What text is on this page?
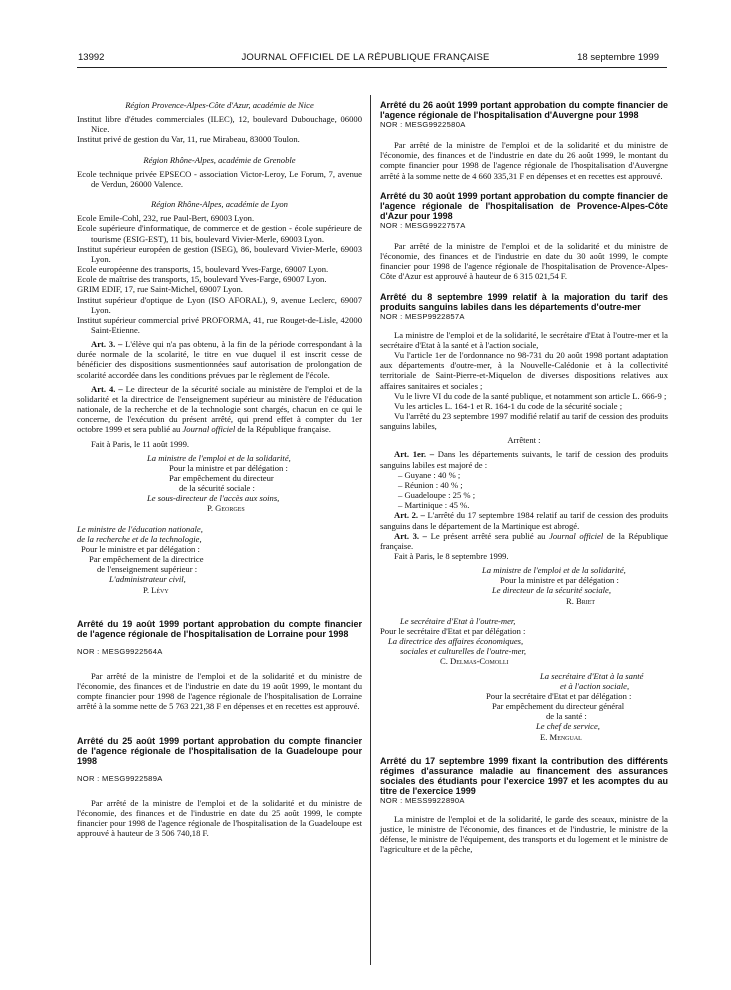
13992	JOURNAL OFFICIEL DE LA RÉPUBLIQUE FRANÇAISE	18 septembre 1999

Région Provence-Alpes-Côte d'Azur, académie de Nice

Institut libre d'études commerciales (ILEC), 12, boulevard Dubouchage, 06000 Nice.

Institut privé de gestion du Var, 11, rue Mirabeau, 83000 Toulon.

Région Rhône-Alpes, académie de Grenoble

Ecole technique privée EPSECO - association Victor-Leroy, Le Forum, 7, avenue de Verdun, 26000 Valence.

Région Rhône-Alpes, académie de Lyon

Ecole Emile-Cohl, 232, rue Paul-Bert, 69003 Lyon.

Ecole supérieure d'informatique, de commerce et de gestion - école supérieure de tourisme (ESIG-EST), 11 bis, boulevard Vivier-Merle, 69003 Lyon.

Institut supérieur européen de gestion (ISEG), 86, boulevard Vivier-Merle, 69003 Lyon.

Ecole européenne des transports, 15, boulevard Yves-Farge, 69007 Lyon.

Ecole de maîtrise des transports, 15, boulevard Yves-Farge, 69007 Lyon.

GRIM EDIF, 17, rue Saint-Michel, 69007 Lyon.

Institut supérieur d'optique de Lyon (ISO AFORAL), 9, avenue Leclerc, 69007 Lyon.

Institut supérieur commercial privé PROFORMA, 41, rue Rouget-de-Lisle, 42000 Saint-Etienne.

Art. 3. – L'élève qui n'a pas obtenu, à la fin de la période correspondant à la durée normale de la scolarité, le titre en vue duquel il est inscrit cesse de bénéficier des dispositions susmentionnées sauf autorisation de prolongation de scolarité accordée dans les conditions prévues par le règlement de l'école.

Art. 4. – Le directeur de la sécurité sociale au ministère de l'emploi et de la solidarité et la directrice de l'enseignement supérieur au ministère de l'éducation nationale, de la recherche et de la technologie sont chargés, chacun en ce qui le concerne, de l'exécution du présent arrêté, qui prend effet à compter du 1er octobre 1999 et sera publié au Journal officiel de la République française.

Fait à Paris, le 11 août 1999.

La ministre de l'emploi et de la solidarité,

Pour la ministre et par délégation :

Par empêchement du directeur

de la sécurité sociale :

Le sous-directeur de l'accès aux soins,

P. Georges

Le ministre de l'éducation nationale,

de la recherche et de la technologie,

Pour le ministre et par délégation :

Par empêchement de la directrice

de l'enseignement supérieur :

L'administrateur civil,

P. Lévy

Arrêté du 19 août 1999 portant approbation du compte financier de l'agence régionale de l'hospitalisation de Lorraine pour 1998

NOR : MESG9922564A

Par arrêté de la ministre de l'emploi et de la solidarité et du ministre de l'économie, des finances et de l'industrie en date du 19 août 1999, le montant du compte financier pour 1998 de l'agence régionale de l'hospitalisation de Lorraine arrêté à la somme nette de 5 763 221,38 F en dépenses et en recettes est approuvé.

Arrêté du 25 août 1999 portant approbation du compte financier de l'agence régionale de l'hospitalisation de la Guadeloupe pour 1998

NOR : MESG9922589A

Par arrêté de la ministre de l'emploi et de la solidarité et du ministre de l'économie, des finances et de l'industrie en date du 25 août 1999, le compte financier pour 1998 de l'agence régionale de l'hospitalisation de la Guadeloupe est approuvé à hauteur de 3 506 740,18 F.

Arrêté du 26 août 1999 portant approbation du compte financier de l'agence régionale de l'hospitalisation d'Auvergne pour 1998

NOR : MESG9922580A

Par arrêté de la ministre de l'emploi et de la solidarité et du ministre de l'économie, des finances et de l'industrie en date du 26 août 1999, le montant du compte financier pour 1998 de l'agence régionale de l'hospitalisation d'Auvergne arrêté à la somme nette de 4 660 335,31 F en dépenses et en recettes est approuvé.

Arrêté du 30 août 1999 portant approbation du compte financier de l'agence régionale de l'hospitalisation de Provence-Alpes-Côte d'Azur pour 1998

NOR : MESG9922757A

Par arrêté de la ministre de l'emploi et de la solidarité et du ministre de l'économie, des finances et de l'industrie en date du 30 août 1999, le compte financier pour 1998 de l'agence régionale de l'hospitalisation de Provence-Alpes-Côte d'Azur est approuvé à hauteur de 6 315 021,54 F.

Arrêté du 8 septembre 1999 relatif à la majoration du tarif des produits sanguins labiles dans les départements d'outre-mer

NOR : MESP9922857A

La ministre de l'emploi et de la solidarité, le secrétaire d'Etat à l'outre-mer et la secrétaire d'Etat à la santé et à l'action sociale,

Vu l'article 1er de l'ordonnance no 98-731 du 20 août 1998 portant adaptation aux départements d'outre-mer, à la Nouvelle-Calédonie et à la collectivité territoriale de Saint-Pierre-et-Miquelon de diverses dispositions relatives aux affaires sanitaires et sociales ;

Vu le livre VI du code de la santé publique, et notamment son article L. 666-9 ;

Vu les articles L. 164-1 et R. 164-1 du code de la sécurité sociale ;

Vu l'arrêté du 23 septembre 1997 modifié relatif au tarif de cession des produits sanguins labiles,

Arrêtent :

Art. 1er. – Dans les départements suivants, le tarif de cession des produits sanguins labiles est majoré de :

– Guyane : 40 % ;

– Réunion : 40 % ;

– Guadeloupe : 25 % ;

– Martinique : 45 %.

Art. 2. – L'arrêté du 17 septembre 1984 relatif au tarif de cession des produits sanguins dans le département de la Martinique est abrogé.

Art. 3. – Le présent arrêté sera publié au Journal officiel de la République française.

Fait à Paris, le 8 septembre 1999.

La ministre de l'emploi et de la solidarité,

Pour la ministre et par délégation :

Le directeur de la sécurité sociale,

R. Briet

Le secrétaire d'Etat à l'outre-mer,

Pour le secrétaire d'Etat et par délégation :

La directrice des affaires économiques,

sociales et culturelles de l'outre-mer,

C. Delmas-Comolli

La secrétaire d'Etat à la santé

et à l'action sociale,

Pour la secrétaire d'Etat et par délégation :

Par empêchement du directeur général

de la santé :

Le chef de service,

E. Mengual

Arrêté du 17 septembre 1999 fixant la contribution des différents régimes d'assurance maladie au financement des assurances sociales des étudiants pour l'exercice 1997 et les acomptes du au titre de l'exercice 1999

NOR : MESS9922890A

La ministre de l'emploi et de la solidarité, le garde des sceaux, ministre de la justice, le ministre de l'économie, des finances et de l'industrie, le ministre de la défense, le ministre de l'équipement, des transports et du logement et le ministre de l'agriculture et de la pêche,
